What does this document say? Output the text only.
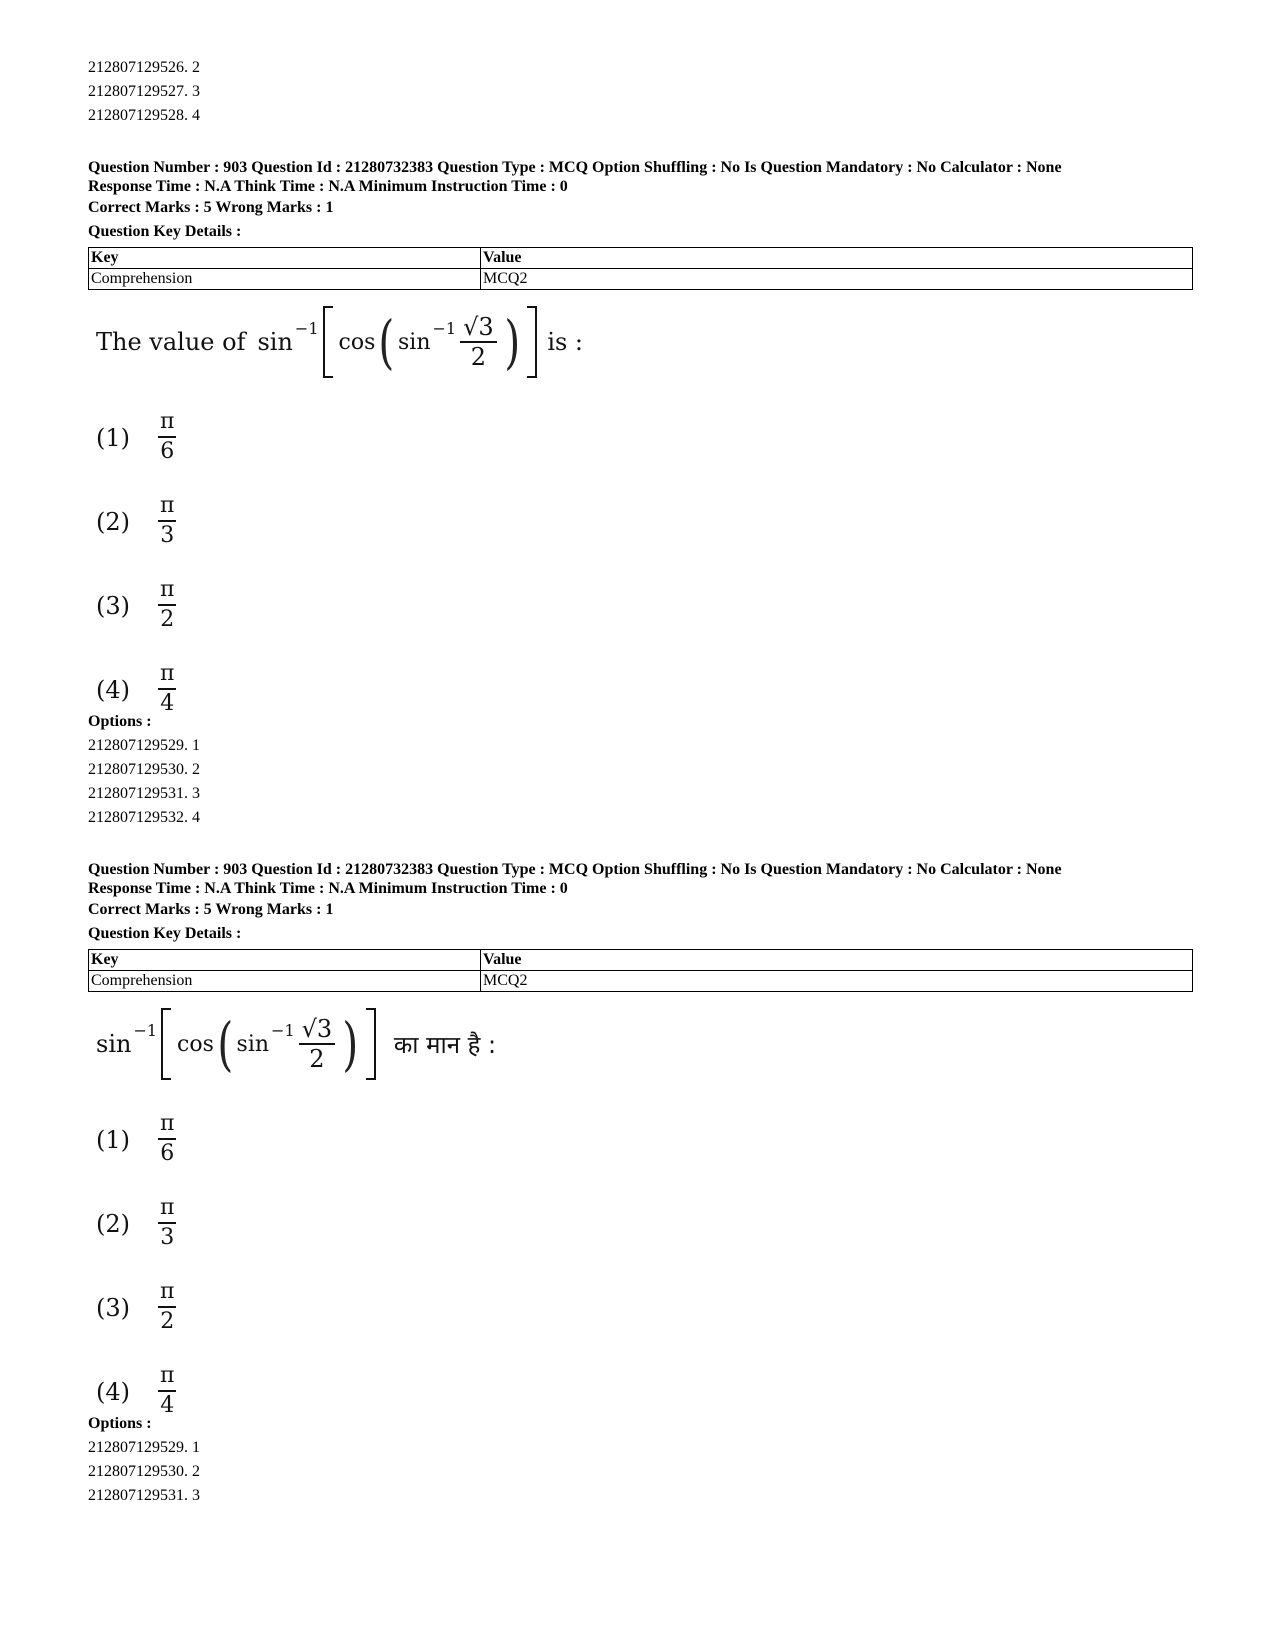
212807129526. 2
212807129527. 3
212807129528. 4
Question Number : 903 Question Id : 21280732383 Question Type : MCQ Option Shuffling : No Is Question Mandatory : No Calculator : None
Response Time : N.A Think Time : N.A Minimum Instruction Time : 0
Correct Marks : 5 Wrong Marks : 1
Question Key Details :
Key	Value
Comprehension	MCQ2
The value of sin −1
cos ( sin
$-1 \frac{√3}{2}$ ) is :
$(1) \frac{\pi}{6}$
$(2) \frac{\pi}{3}$
$(3) \frac{\pi}{2}$
$(4) \frac{\pi}{4}$
Options :
212807129529. 1
212807129530. 2
212807129531. 3
212807129532. 4
Question Number : 903 Question Id : 21280732383 Question Type : MCQ Option Shuffling : No Is Question Mandatory : No Calculator : None
Response Time : N.A Think Time : N.A Minimum Instruction Time : 0
Correct Marks : 5 Wrong Marks : 1
Question Key Details :
Key	Value
Comprehension	MCQ2
sin −1
cos ( sin
$-1 \frac{√3}{2}$ ) का मान है :
$(1) \frac{\pi}{6}$
$(2) \frac{\pi}{3}$
$(3) \frac{\pi}{2}$
$(4) \frac{\pi}{4}$
Options :
212807129529. 1
212807129530. 2
212807129531. 3
